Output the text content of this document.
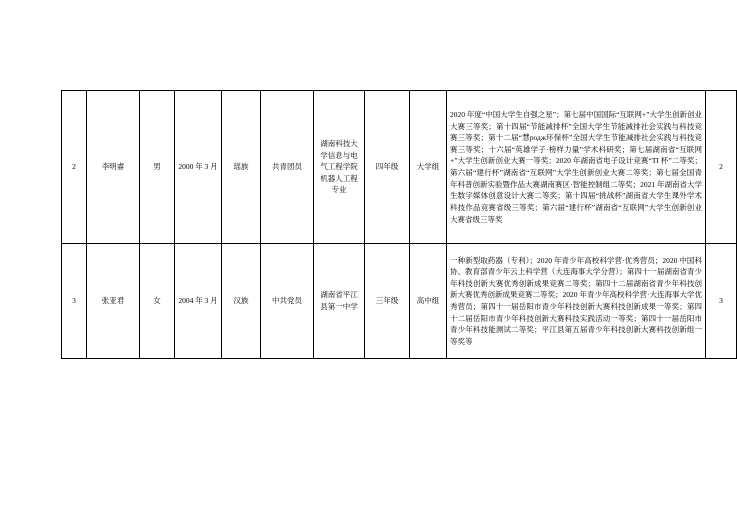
2	李明睿	男	2000 年 3 月	瑶族	共青团员	湖南科技大学信息与电气工程学院机器人工程专业	四年级	大学组	2020 年度“中国大学生自强之星”；第七届中国国际“互联网+”大学生创新创业大赛三等奖；第十四届“节能减排杯”全国大学生节能减排社会实践与科技竞赛三等奖；第十二届“慧родж环保杯”全国大学生节能减排社会实践与科技竞赛三等奖；十六届“英雄学子·榜样力量”学术科研奖；第七届湖南省“互联网+”大学生创新创业大赛一等奖；2020 年湖南省电子设计竞赛“TI 杯”二等奖；第六届“建行杯”湖南省“互联网”大学生创新创业大赛二等奖；第七届全国青年科普创新实验暨作品大赛湖南赛区·智能控制组二等奖；2021 年湖南省大学生数字媒体创意设计大赛二等奖；第十四届“挑战杯”湖南省大学生课外学术科技作品竞赛省级三等奖；第六届“建行杯”湖南省“互联网”大学生创新创业大赛省级三等奖	2
3	张亚君	女	2004 年 3 月	汉族	中共党员	湖南省平江县第一中学	三年级	高中组	一种新型取药器（专利）；2020 年青少年高校科学营·优秀营员；2020 中国科协、教育部青少年云上科学营（大连海事大学分营）；第四十一届湖南省青少年科技创新大赛优秀创新成果竞赛二等奖；第四十二届湖南省青少年科技创新大赛优秀创新成果竞赛二等奖；2020 年青少年高校科学营·大连海事大学优秀营员；第四十一届岳阳市青少年科技创新大赛科技创新成果一等奖；第四十二届岳阳市青少年科技创新大赛科技实践活动一等奖；第四十一届岳阳市青少年科技能测试二等奖；平江县第五届青少年科技创新大赛科技创新组一等奖等	3
